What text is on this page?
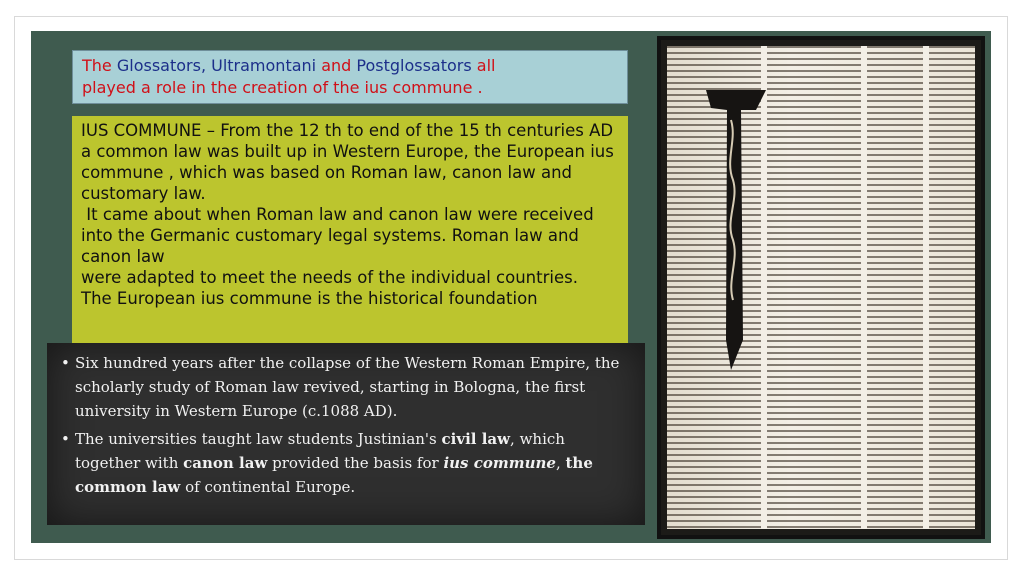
The Glossators, Ultramontani and Postglossators all
played a role in the creation of the ius commune .

IUS COMMUNE – From the 12 th to end of the 15 th centuries AD a common law was built up in Western Europe, the European ius commune , which was based on Roman law, canon law and customary law.

It came about when Roman law and canon law were received into the Germanic customary legal systems. Roman law and canon law

were adapted to meet the needs of the individual countries.

The European ius commune is the historical foundation

• Six hundred years after the collapse of the Western Roman Empire, the scholarly study of Roman law revived, starting in Bologna, the first university in Western Europe (c.1088 AD).
• The universities taught law students Justinian's civil law, which together with canon law provided the basis for ius commune, the common law of continental Europe.
